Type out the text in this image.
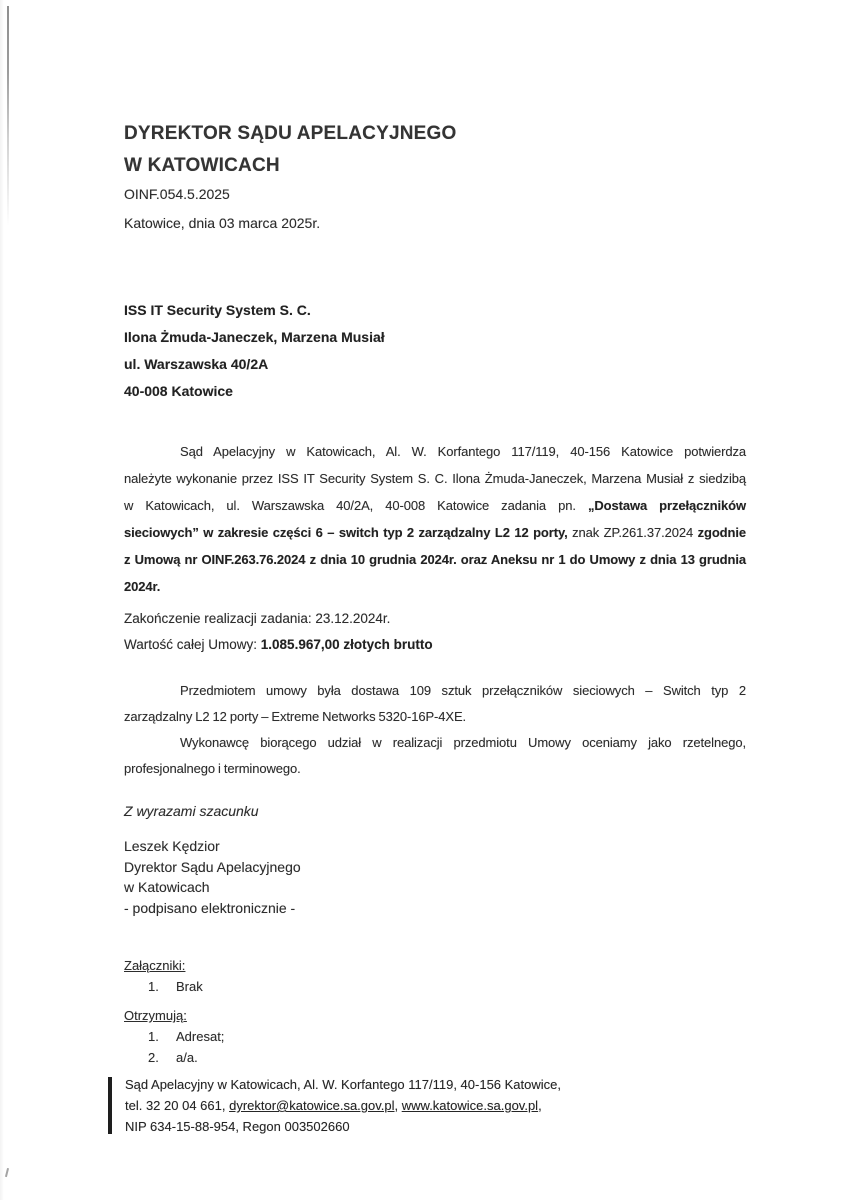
DYREKTOR SĄDU APELACYJNEGO
W KATOWICACH
OINF.054.5.2025
Katowice, dnia 03 marca 2025r.
ISS IT Security System S. C.
Ilona Żmuda-Janeczek, Marzena Musiał
ul. Warszawska 40/2A
40-008 Katowice
Sąd Apelacyjny w Katowicach, Al. W. Korfantego 117/119, 40-156 Katowice potwierdza
należyte wykonanie przez ISS IT Security System S. C. Ilona Żmuda-Janeczek, Marzena Musiał z siedzibą
w Katowicach, ul. Warszawska 40/2A, 40-008 Katowice zadania pn. „Dostawa przełączników
sieciowych” w zakresie części 6 – switch typ 2 zarządzalny L2 12 porty, znak ZP.261.37.2024 zgodnie
z Umową nr OINF.263.76.2024 z dnia 10 grudnia 2024r. oraz Aneksu nr 1 do Umowy z dnia 13 grudnia
2024r.
Zakończenie realizacji zadania: 23.12.2024r.
Wartość całej Umowy: 1.085.967,00 złotych brutto
Przedmiotem umowy była dostawa 109 sztuk przełączników sieciowych – Switch typ 2
zarządzalny L2 12 porty – Extreme Networks 5320-16P-4XE.
Wykonawcę biorącego udział w realizacji przedmiotu Umowy oceniamy jako rzetelnego,
profesjonalnego i terminowego.
Z wyrazami szacunku
Leszek Kędzior
Dyrektor Sądu Apelacyjnego
w Katowicach
- podpisano elektronicznie -
Załączniki:
1.	Brak
Otrzymują:
1.	Adresat;
2.	a/a.
Sąd Apelacyjny w Katowicach, Al. W. Korfantego 117/119, 40-156 Katowice,
tel. 32 20 04 661, dyrektor@katowice.sa.gov.pl, www.katowice.sa.gov.pl,
NIP 634-15-88-954, Regon 003502660
